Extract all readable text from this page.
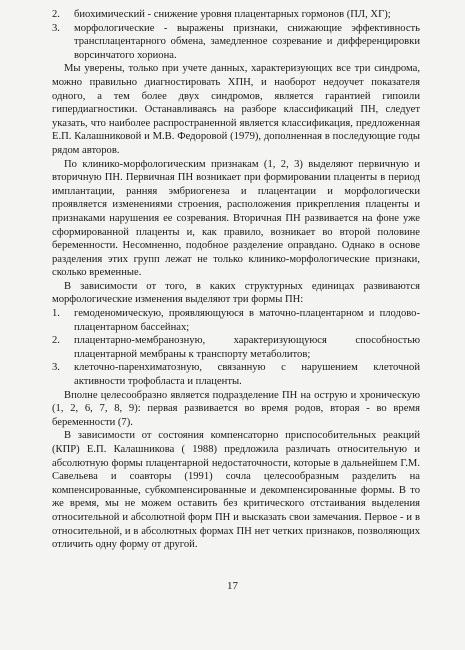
2.	биохимический - снижение уровня плацентарных гормонов (ПЛ, ХГ);
3.	морфологические - выражены признаки, снижающие эффективность трансплацентарного обмена, замедленное созревание и дифференцировки ворсинчатого хориона.

Мы уверены, только при учете данных, характеризующих все три синдрома, можно правильно диагностировать ХПН, и наоборот недоучет показателя одного, а тем более двух синдромов, является гарантией гипоили гипердиагностики. Останавливаясь на разборе классификаций ПН, следует указать, что наиболее распространенной является классификация, предложенная Е.П. Калашниковой и М.В. Федоровой (1979), дополненная в последующие годы рядом авторов.

По клинико-морфологическим признакам (1, 2, 3) выделяют первичную и вторичную ПН. Первичная ПН возникает при формировании плаценты в период имплантации, ранняя эмбриогенеза и плацентации и морфологически проявляется изменениями строения, расположения прикрепления плаценты и признаками нарушения ее созревания. Вторичная ПН развивается на фоне уже сформированной плаценты и, как правило, возникает во второй половине беременности. Несомненно, подобное разделение оправдано. Однако в основе разделения этих групп лежат не только клинико-морфологические признаки, сколько временные.

В зависимости от того, в каких структурных единицах развиваются морфологические изменения выделяют три формы ПН:

1.	гемоденомическую, проявляющуюся в маточно-плацентарном и плодово-плацентарном бассейнах;
2.	плацентарно-мембранозную, характеризующуюся способностью плацентарной мембраны к транспорту метаболитов;
3.	клеточно-паренхиматозную, связанную с нарушением клеточной активности трофобласта и плаценты.

Вполне целесообразно является подразделение ПН на острую и хроническую (1, 2, 6, 7, 8, 9): первая развивается во время родов, вторая - во время беременности (7).

В зависимости от состояния компенсаторно приспособительных реакций (КПР) Е.П. Калашникова ( 1988) предложила различать относительную и абсолютную формы плацентарной недостаточности, которые в дальнейшем Г.М. Савельева и соавторы (1991) сочла целесообразным разделить на компенсированные, субкомпенсированные и декомпенсированные формы. В то же время, мы не можем оставить без критического отстаивания выделения относительной и абсолютной форм ПН и высказать свои замечания. Первое - и в относительной, и в абсолютных формах ПН нет четких признаков, позволяющих отличить одну форму от другой.

17
